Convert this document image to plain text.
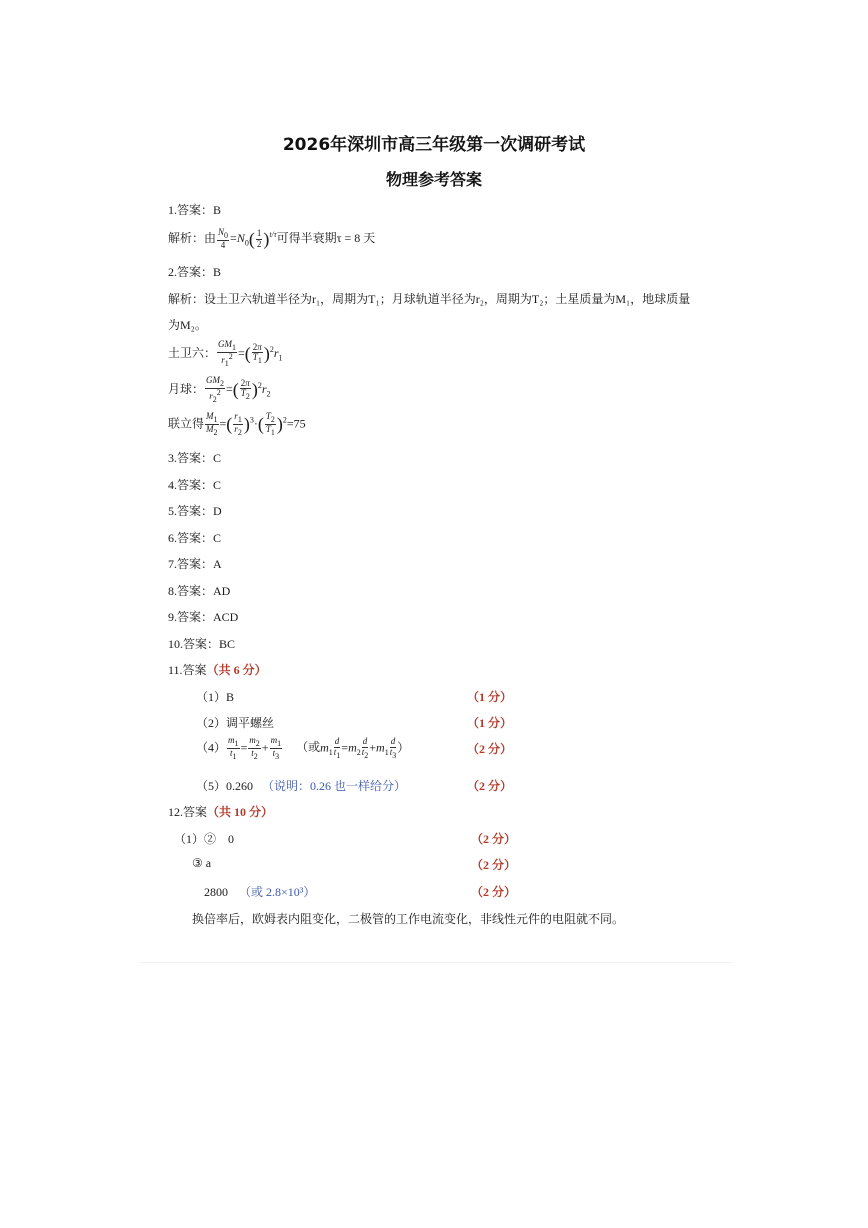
2026年深圳市高三年级第一次调研考试
物理参考答案
1.答案：B
解析：由 $\frac{N_0}{4} =N_0( \frac{1}{2} )^{t/\tau}$可得半衰期τ = 8 天
2.答案：B
解析：设土卫六轨道半径为r₁，周期为T₁；月球轨道半径为r₂，周期为T₂；土星质量为M₁，地球质量
为M₂。
土卫六： $\frac{GM_1}{r_1^2}$ =( $\frac{2\pi}{T_1} )^2r_1$
月球： $\frac{GM_2}{r_2^2}$ =( $\frac{2\pi}{T_2} )^2r_2$
联立得 $\frac{M_1}{M_2}$ =( $\frac{r_1}{r_2} )^3\cdot( \frac{T_2}{T_1} )^2=75$
3.答案：C
4.答案：C
5.答案：D
6.答案：C
7.答案：A
8.答案：AD
9.答案：ACD
10.答案：BC
11.答案（共 6 分）
（1）B	（1 分）
（2）调平螺丝	（1 分）
$(4) \frac{m_1}{t_1} = \frac{m_2}{t_2} + \frac{m_1}{t_3}$ （或$m_1 \frac{d}{t_1} =m_2 \frac{d}{t_2} +m_1 \frac{d}{t_3}$ ）	（2 分）
（5）0.260 （说明：0.26 也一样给分）	（2 分）
12.答案（共 10 分）
（1）②　0	（2 分）
③ a	（2 分）
2800 （或 2.8×10³）	（2 分）
换倍率后，欧姆表内阻变化，二极管的工作电流变化，非线性元件的电阻就不同。
